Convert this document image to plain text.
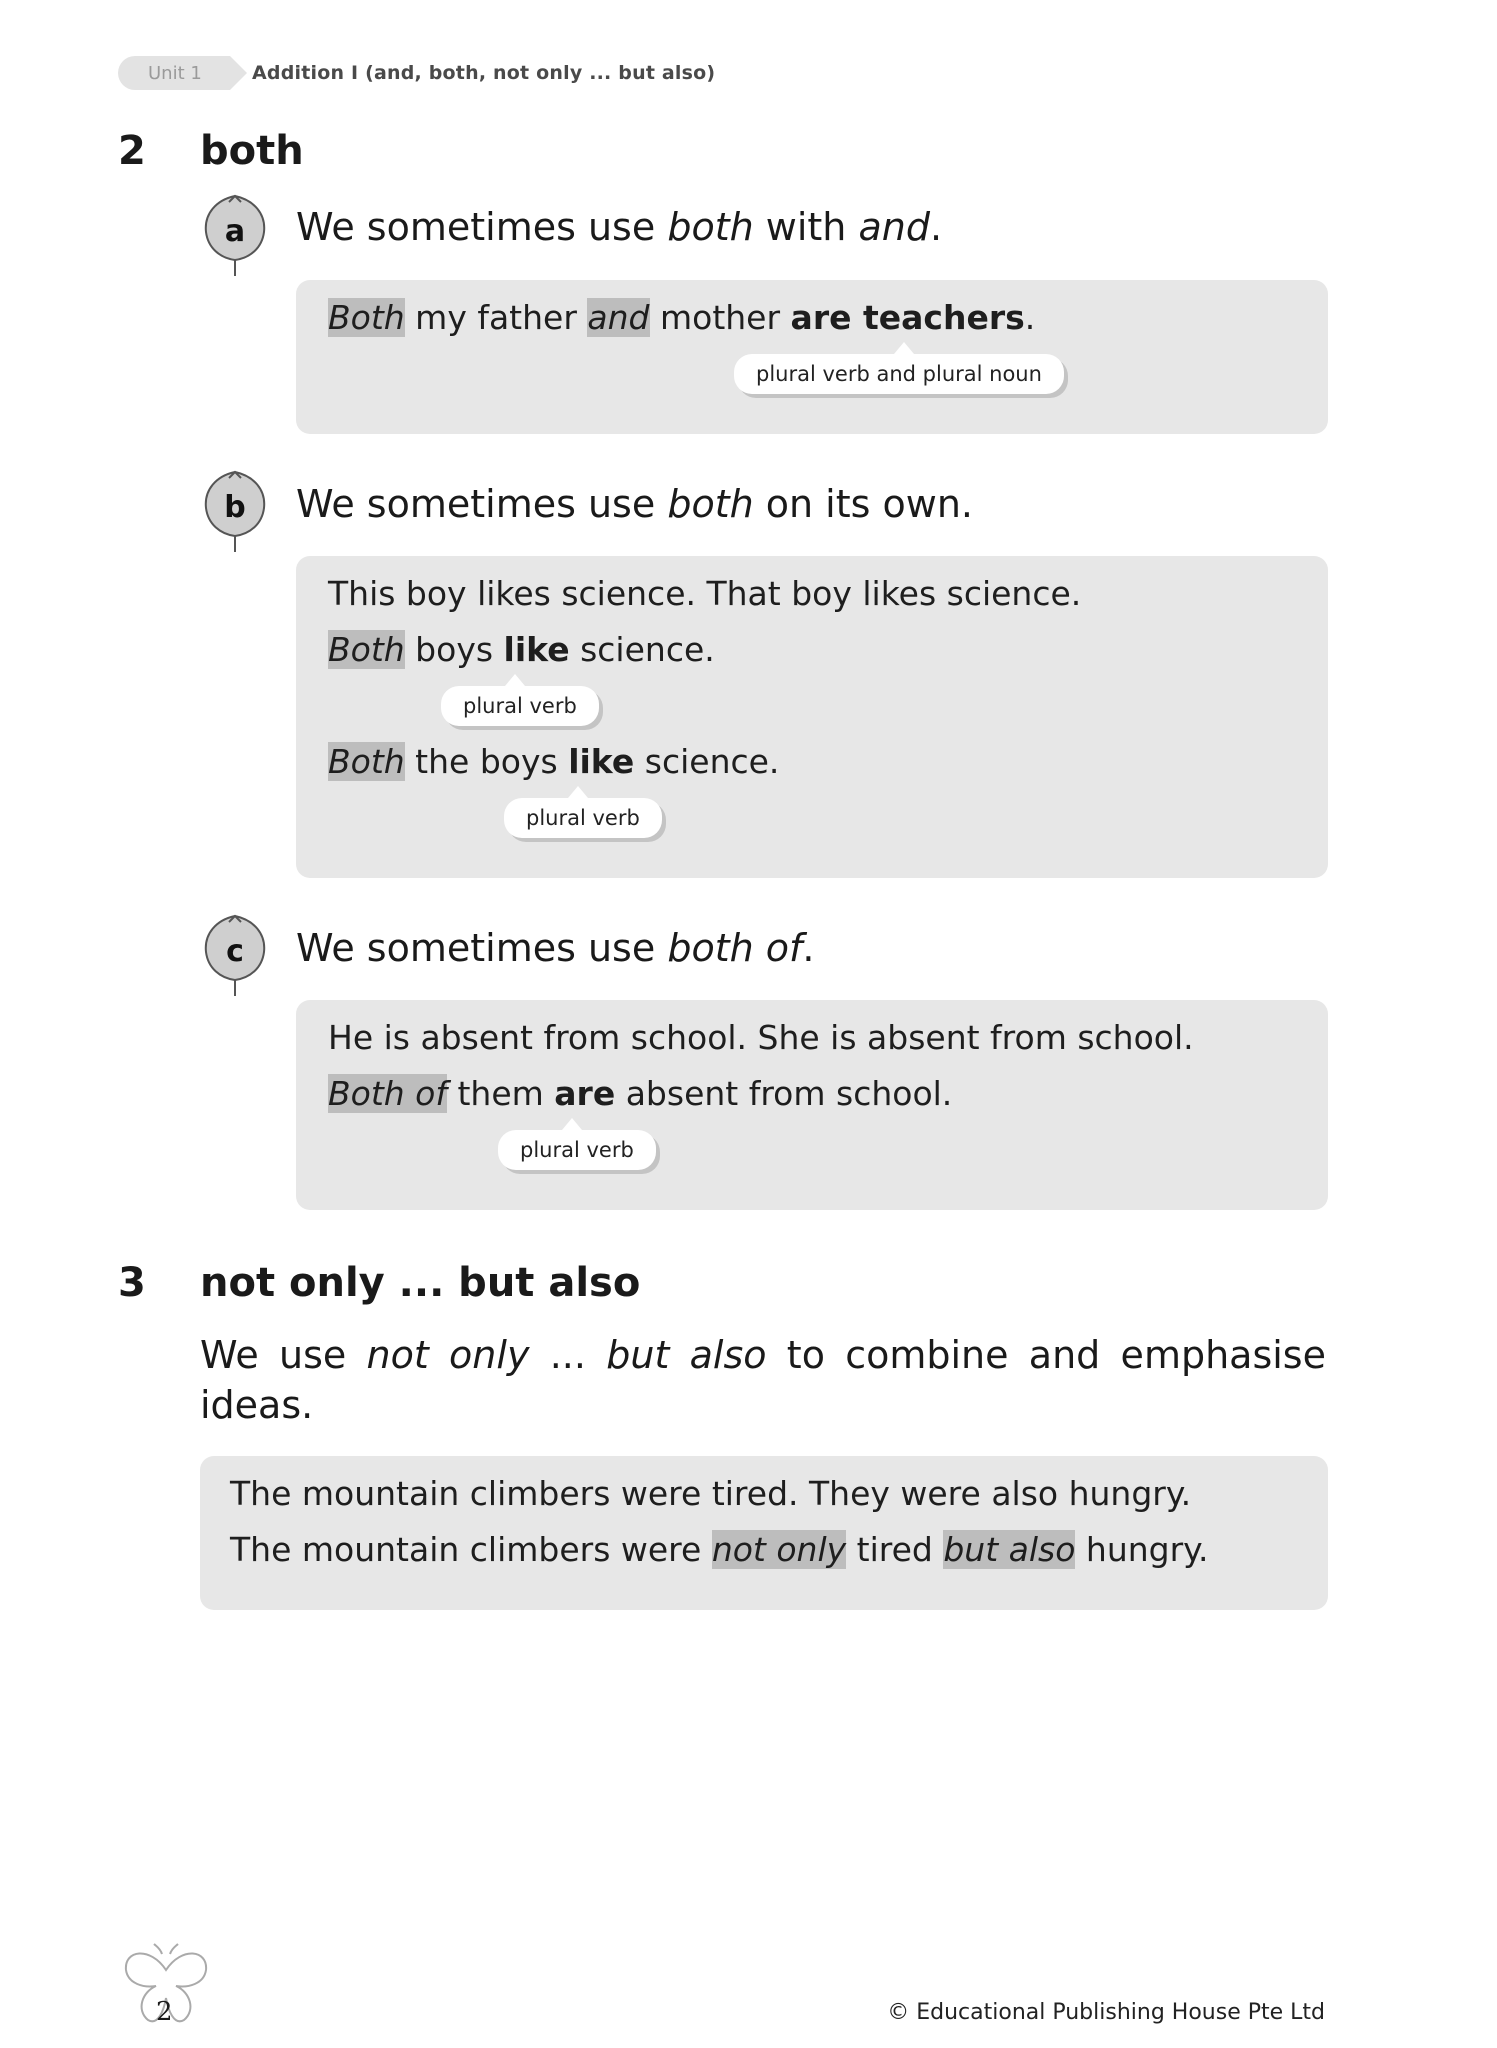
Unit 1	Addition I (and, both, not only ... but also)
2 both
a We sometimes use both with and.
Both my father and mother are teachers.
plural verb and plural noun
b We sometimes use both on its own.
This boy likes science. That boy likes science.
Both boys like science.
plural verb
Both the boys like science.
plural verb
c We sometimes use both of.
He is absent from school. She is absent from school.
Both of them are absent from school.
plural verb
3 not only ... but also
We use not only ... but also to combine and emphasise ideas.
The mountain climbers were tired. They were also hungry.
The mountain climbers were not only tired but also hungry.
2	© Educational Publishing House Pte Ltd
